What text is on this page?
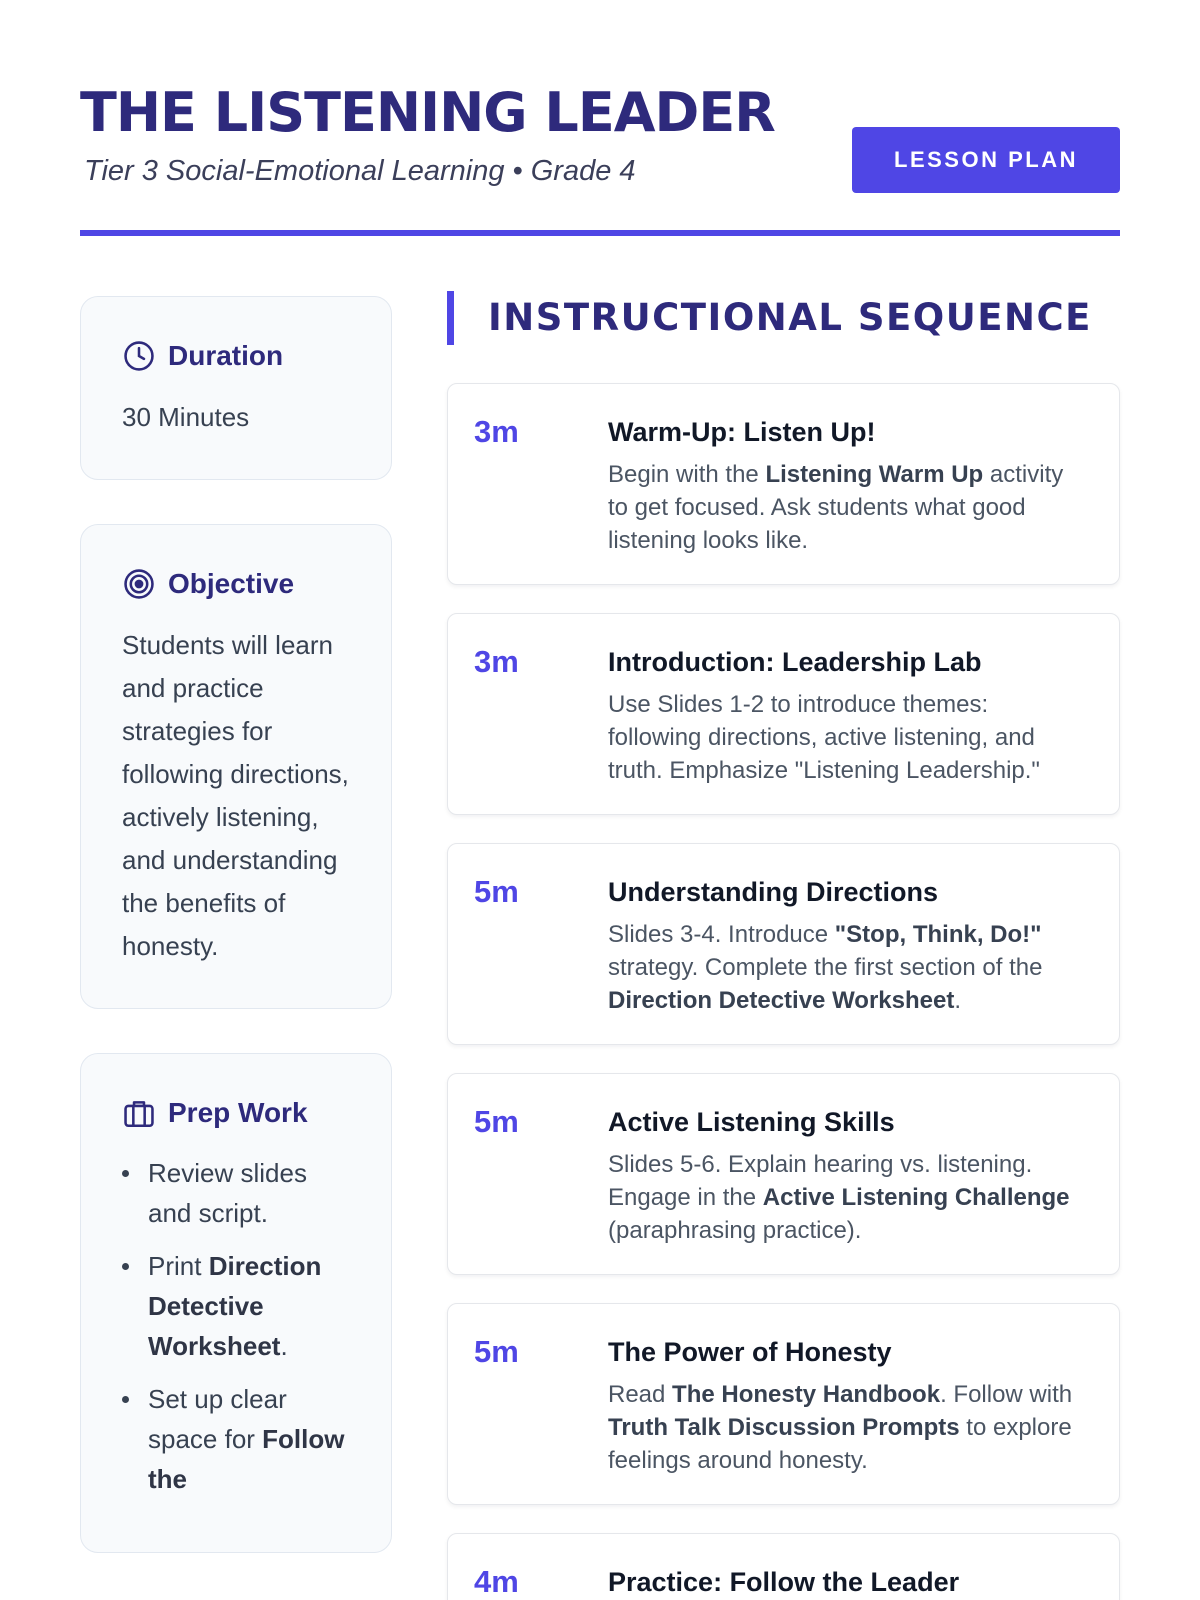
THE LISTENING LEADER
Tier 3 Social-Emotional Learning • Grade 4	LESSON PLAN
Duration
30 Minutes
Objective
Students will learn and practice strategies for following directions, actively listening, and understanding the benefits of honesty.
Prep Work
Review slides and script.
Print Direction Detective Worksheet.
Set up clear space for Follow the
INSTRUCTIONAL SEQUENCE
3m	Warm-Up: Listen Up!
Begin with the Listening Warm Up activity to get focused. Ask students what good listening looks like.
3m	Introduction: Leadership Lab
Use Slides 1-2 to introduce themes: following directions, active listening, and truth. Emphasize "Listening Leadership."
5m	Understanding Directions
Slides 3-4. Introduce "Stop, Think, Do!" strategy. Complete the first section of the Direction Detective Worksheet.
5m	Active Listening Skills
Slides 5-6. Explain hearing vs. listening. Engage in the Active Listening Challenge (paraphrasing practice).
5m	The Power of Honesty
Read The Honesty Handbook. Follow with Truth Talk Discussion Prompts to explore feelings around honesty.
4m	Practice: Follow the Leader
